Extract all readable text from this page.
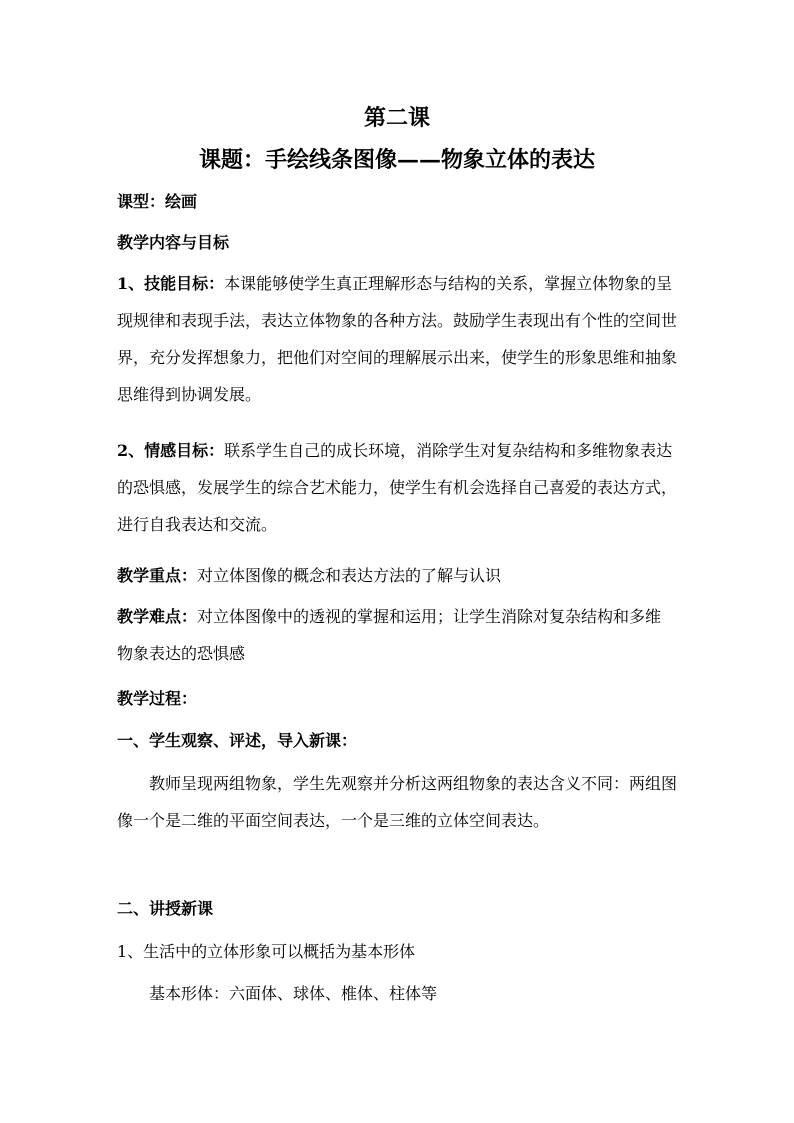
第二课
课题：手绘线条图像——物象立体的表达
课型：绘画
教学内容与目标
1、技能目标：本课能够使学生真正理解形态与结构的关系，掌握立体物象的呈现规律和表现手法，表达立体物象的各种方法。鼓励学生表现出有个性的空间世界，充分发挥想象力，把他们对空间的理解展示出来，使学生的形象思维和抽象思维得到协调发展。
2、情感目标：联系学生自己的成长环境，消除学生对复杂结构和多维物象表达的恐惧感，发展学生的综合艺术能力，使学生有机会选择自己喜爱的表达方式，进行自我表达和交流。
教学重点：对立体图像的概念和表达方法的了解与认识
教学难点：对立体图像中的透视的掌握和运用；让学生消除对复杂结构和多维物象表达的恐惧感
教学过程：
一、学生观察、评述，导入新课：
教师呈现两组物象，学生先观察并分析这两组物象的表达含义不同：两组图像一个是二维的平面空间表达，一个是三维的立体空间表达。
二、讲授新课
1、生活中的立体形象可以概括为基本形体
基本形体：六面体、球体、椎体、柱体等
